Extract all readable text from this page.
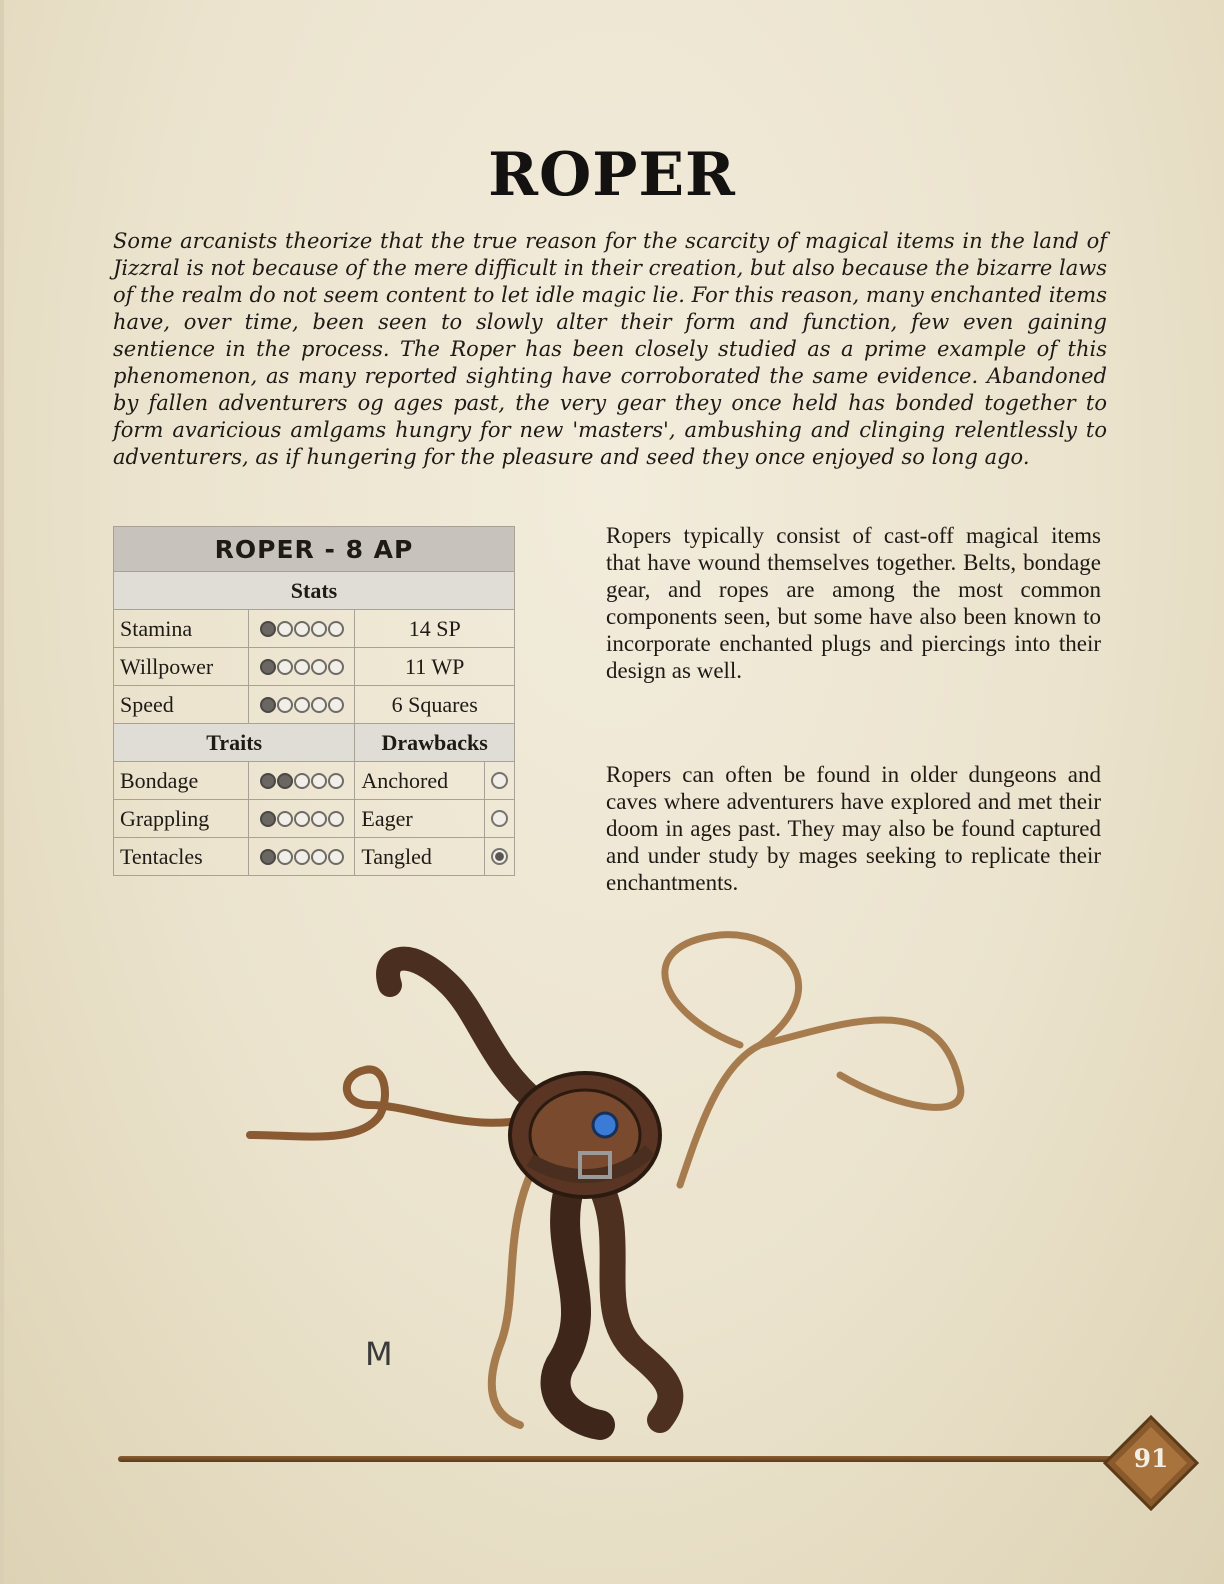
ROPER

Some arcanists theorize that the true reason for the scarcity of magical items in the land of Jizzral is not because of the mere difficult in their creation, but also because the bizarre laws of the realm do not seem content to let idle magic lie. For this reason, many enchanted items have, over time, been seen to slowly alter their form and function, few even gaining sentience in the process. The Roper has been closely studied as a prime example of this phenomenon, as many reported sighting have corroborated the same evidence. Abandoned by fallen adventurers og ages past, the very gear they once held has bonded together to form avaricious amlgams hungry for new 'masters', ambushing and clinging relentlessly to adventurers, as if hungering for the pleasure and seed they once enjoyed so long ago.

ROPER - 8 AP			
Stats			
Stamina		14 SP	
Willpower		11 WP	
Speed		6 Squares	
Traits		Drawbacks	
Bondage		Anchored	

Grappling		Eager	

Tentacles		Tangled	

Ropers typically consist of cast-off magical items that have wound themselves together. Belts, bondage gear, and ropes are among the most common components seen, but some have also been known to incorporate enchanted plugs and piercings into their design as well.

Ropers can often be found in older dungeons and caves where adventurers have explored and met their doom in ages past. They may also be found captured and under study by mages seeking to replicate their enchantments.

M
91
